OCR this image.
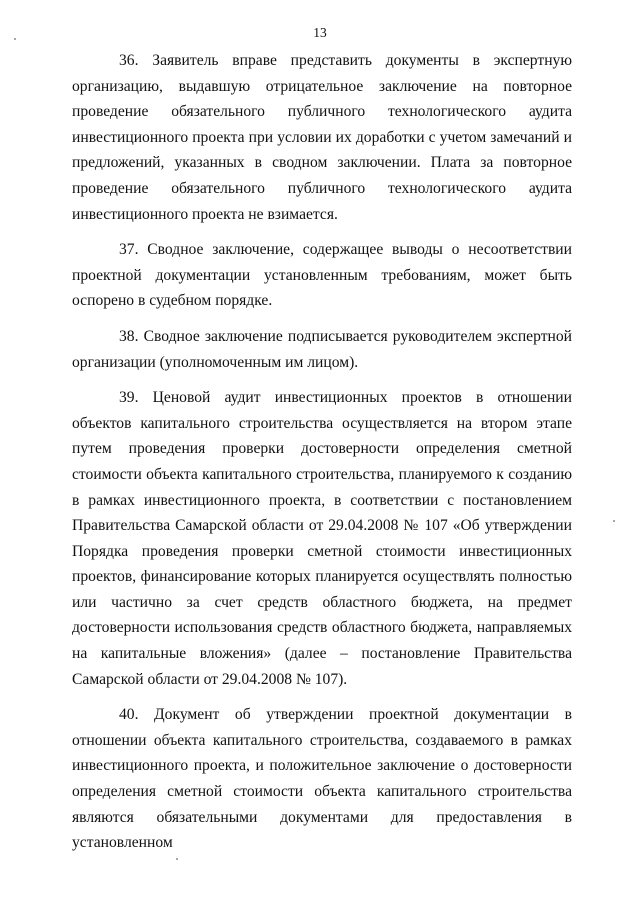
13

36. Заявитель вправе представить документы в экспертную организацию, выдавшую отрицательное заключение на повторное проведение обязательного публичного технологического аудита инвестиционного проекта при условии их доработки с учетом замечаний и предложений, указанных в сводном заключении. Плата за повторное проведение обязательного публичного технологического аудита инвестиционного проекта не взимается.

37. Сводное заключение, содержащее выводы о несоответствии проектной документации установленным требованиям, может быть оспорено в судебном порядке.

38. Сводное заключение подписывается руководителем экспертной организации (уполномоченным им лицом).

39. Ценовой аудит инвестиционных проектов в отношении объектов капитального строительства осуществляется на втором этапе путем проведения проверки достоверности определения сметной стоимости объекта капитального строительства, планируемого к созданию в рамках инвестиционного проекта, в соответствии с постановлением Правительства Самарской области от 29.04.2008 № 107 «Об утверждении Порядка проведения проверки сметной стоимости инвестиционных проектов, финансирование которых планируется осуществлять полностью или частично за счет средств областного бюджета, на предмет достоверности использования средств областного бюджета, направляемых на капитальные вложения» (далее – постановление Правительства Самарской области от 29.04.2008 № 107).

40. Документ об утверждении проектной документации в отношении объекта капитального строительства, создаваемого в рамках инвестиционного проекта, и положительное заключение о достоверности определения сметной стоимости объекта капитального строительства являются обязательными документами для предоставления в установленном
